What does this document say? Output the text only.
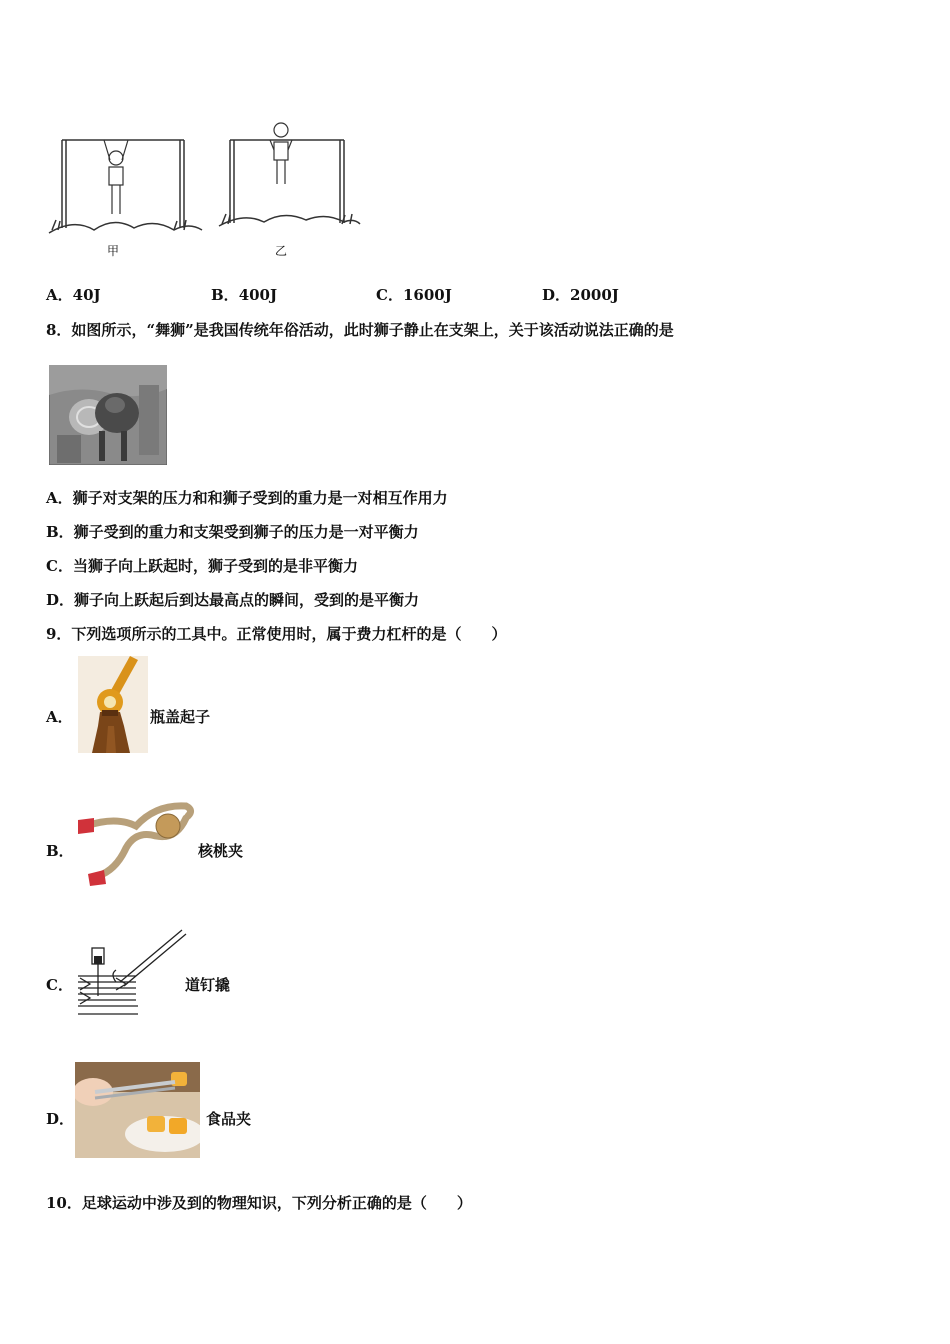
甲	乙
A．40J	B．400J	C．1600J	D．2000J
8．如图所示，“舞狮”是我国传统年俗活动，此时狮子静止在支架上，关于该活动说法正确的是
A．狮子对支架的压力和和狮子受到的重力是一对相互作用力
B．狮子受到的重力和支架受到狮子的压力是一对平衡力
C．当狮子向上跃起时，狮子受到的是非平衡力
D．狮子向上跃起后到达最高点的瞬间，受到的是平衡力
9．下列选项所示的工具中。正常使用时，属于费力杠杆的是（　　）
A．	瓶盖起子
B．	核桃夹
C．	道钉撬
D．	食品夹
10．足球运动中涉及到的物理知识，下列分析正确的是（　　）
